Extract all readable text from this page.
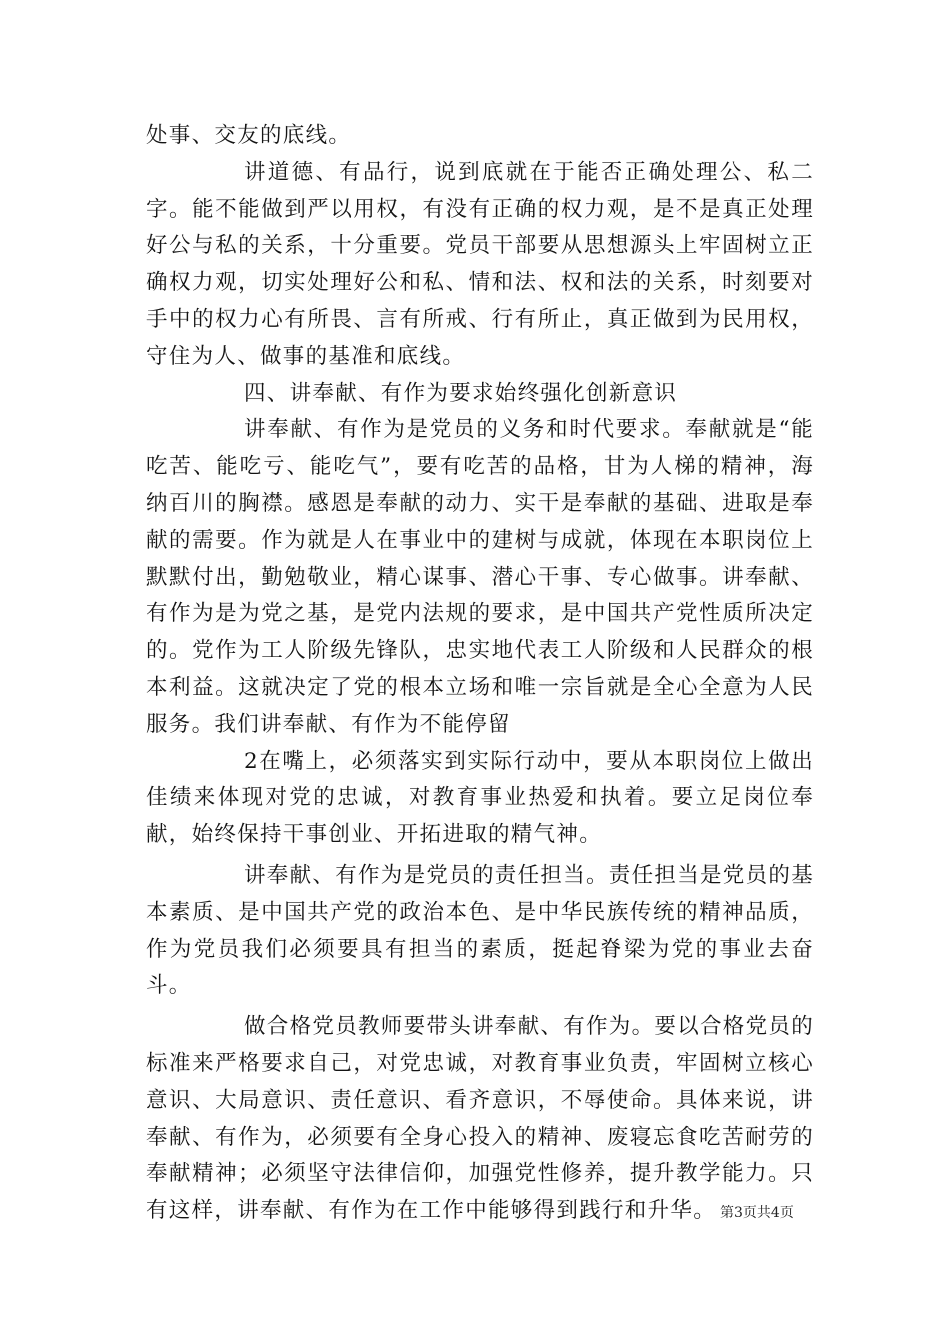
处事、交友的底线。

讲道德、有品行，说到底就在于能否正确处理公、私二字。能不能做到严以用权，有没有正确的权力观，是不是真正处理好公与私的关系，十分重要。党员干部要从思想源头上牢固树立正确权力观，切实处理好公和私、情和法、权和法的关系，时刻要对手中的权力心有所畏、言有所戒、行有所止，真正做到为民用权，守住为人、做事的基准和底线。

四、讲奉献、有作为要求始终强化创新意识

讲奉献、有作为是党员的义务和时代要求。奉献就是“能吃苦、能吃亏、能吃气”，要有吃苦的品格，甘为人梯的精神，海纳百川的胸襟。感恩是奉献的动力、实干是奉献的基础、进取是奉献的需要。作为就是人在事业中的建树与成就，体现在本职岗位上默默付出，勤勉敬业，精心谋事、潜心干事、专心做事。讲奉献、有作为是为党之基，是党内法规的要求，是中国共产党性质所决定的。党作为工人阶级先锋队，忠实地代表工人阶级和人民群众的根本利益。这就决定了党的根本立场和唯一宗旨就是全心全意为人民服务。我们讲奉献、有作为不能停留

2在嘴上，必须落实到实际行动中，要从本职岗位上做出佳绩来体现对党的忠诚，对教育事业热爱和执着。要立足岗位奉献，始终保持干事创业、开拓进取的精气神。

讲奉献、有作为是党员的责任担当。责任担当是党员的基本素质、是中国共产党的政治本色、是中华民族传统的精神品质，作为党员我们必须要具有担当的素质，挺起脊梁为党的事业去奋斗。

做合格党员教师要带头讲奉献、有作为。要以合格党员的标准来严格要求自己，对党忠诚，对教育事业负责，牢固树立核心意识、大局意识、责任意识、看齐意识，不辱使命。具体来说，讲奉献、有作为，必须要有全身心投入的精神、废寝忘食吃苦耐劳的奉献精神；必须坚守法律信仰，加强党性修养，提升教学能力。只有这样，讲奉献、有作为在工作中能够得到践行和升华。 第3页共4页
